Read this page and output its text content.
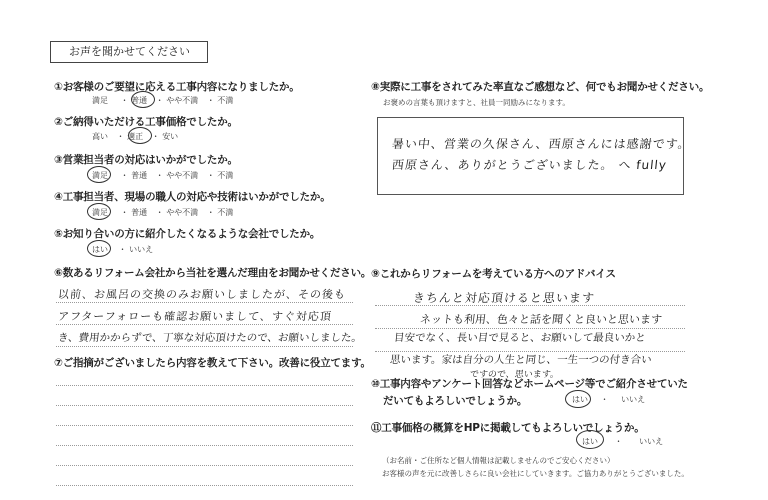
お声を聞かせてください
①お客様のご要望に応える工事内容になりましたか。
満足 ・ 普通 ・ やや不満 ・ 不満
②ご納得いただける工事価格でしたか。
高い ・ 適正 ・ 安い
③営業担当者の対応はいかがでしたか。
満足 ・ 普通 ・ やや不満 ・ 不満
④工事担当者、現場の職人の対応や技術はいかがでしたか。
満足 ・ 普通 ・ やや不満 ・ 不満
⑤お知り合いの方に紹介したくなるような会社でしたか。
はい ・ いいえ
⑥数あるリフォーム会社から当社を選んだ理由をお聞かせください。
以前、お風呂の交換のみお願いしましたが、その後も
アフターフォローも確認お願いまして、すぐ対応頂
き、費用かからずで、丁寧な対応頂けたので、お願いしました。
⑦ご指摘がございましたら内容を教えて下さい。改善に役立てます。
⑧実際に工事をされてみた率直なご感想など、何でもお聞かせください。
お褒めの言葉も頂けますと、社員一同励みになります。
暑い中、営業の久保さん、西原さんには感謝です。
西原さん、ありがとうございました。 へ fully
⑨これからリフォームを考えている方へのアドバイス
きちんと対応頂けると思います
ネットも利用、色々と話を聞くと良いと思います
目安でなく、長い目で見ると、お願いして最良いかと
思います。家は自分の人生と同じ、一生一つの付き合い
ですので、思います。
⑩工事内容やアンケート回答などホームページ等でご紹介させていた
だいてもよろしいでしょうか。	はい ・ いいえ
⑪工事価格の概算をHPに掲載してもよろしいでしょうか。
はい ・ いいえ
（お名前・ご住所など個人情報は記載しませんのでご安心ください）
お客様の声を元に改善しさらに良い会社にしていきます。ご協力ありがとうございました。
